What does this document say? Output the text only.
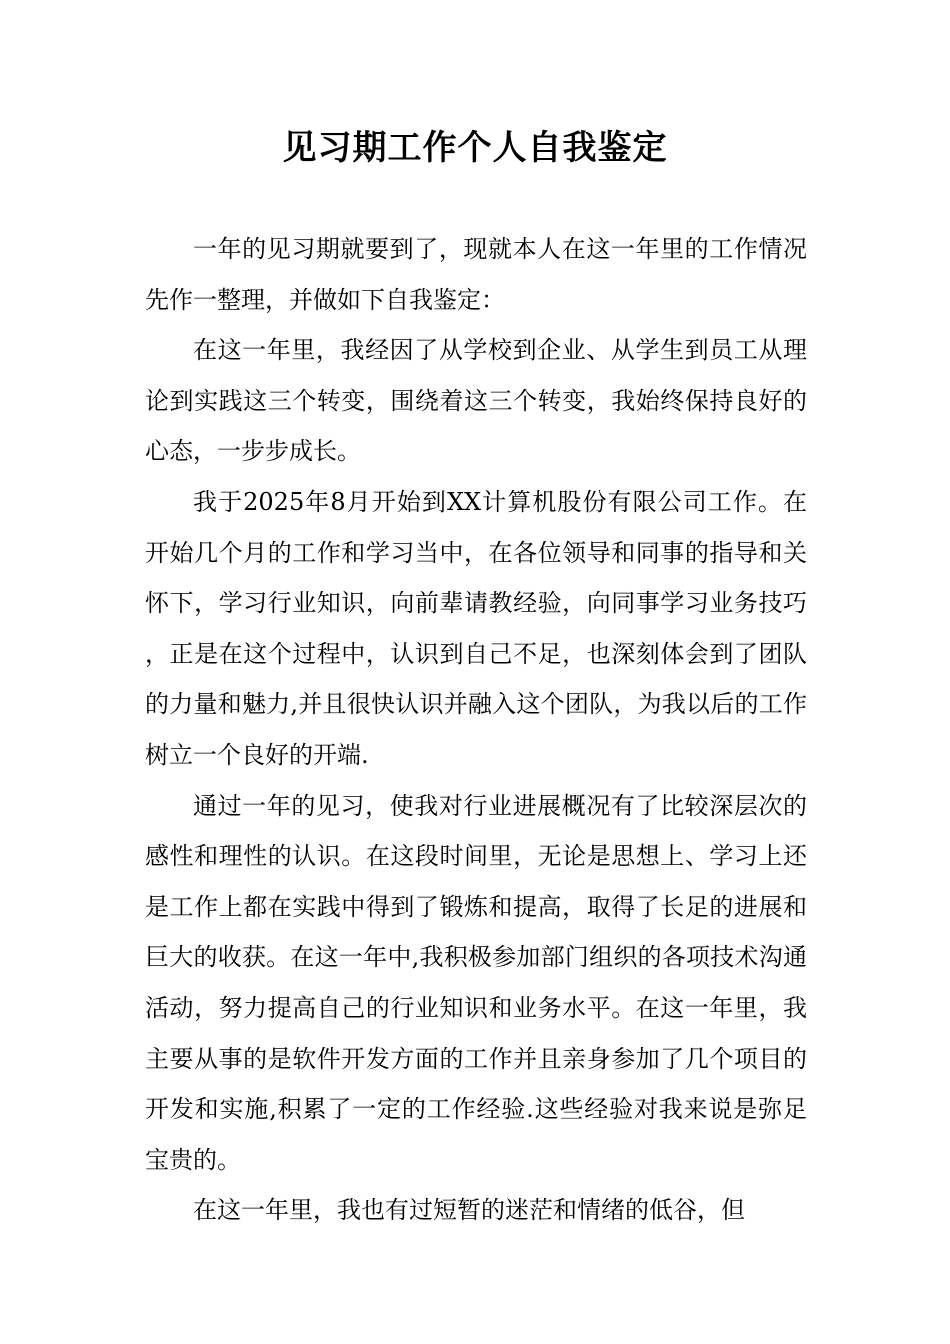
见习期工作个人自我鉴定

一年的见习期就要到了，现就本人在这一年里的工作情况先作一整理，并做如下自我鉴定：

在这一年里，我经因了从学校到企业、从学生到员工从理论到实践这三个转变，围绕着这三个转变，我始终保持良好的心态，一步步成长。

我于2025年8月开始到XX计算机股份有限公司工作。在开始几个月的工作和学习当中，在各位领导和同事的指导和关怀下，学习行业知识，向前辈请教经验，向同事学习业务技巧，正是在这个过程中，认识到自己不足，也深刻体会到了团队的力量和魅力,并且很快认识并融入这个团队，为我以后的工作树立一个良好的开端.

通过一年的见习，使我对行业进展概况有了比较深层次的感性和理性的认识。在这段时间里，无论是思想上、学习上还是工作上都在实践中得到了锻炼和提高，取得了长足的进展和巨大的收获。在这一年中,我积极参加部门组织的各项技术沟通活动，努力提高自己的行业知识和业务水平。在这一年里，我主要从事的是软件开发方面的工作并且亲身参加了几个项目的开发和实施,积累了一定的工作经验.这些经验对我来说是弥足宝贵的。

在这一年里，我也有过短暂的迷茫和情绪的低谷，但
